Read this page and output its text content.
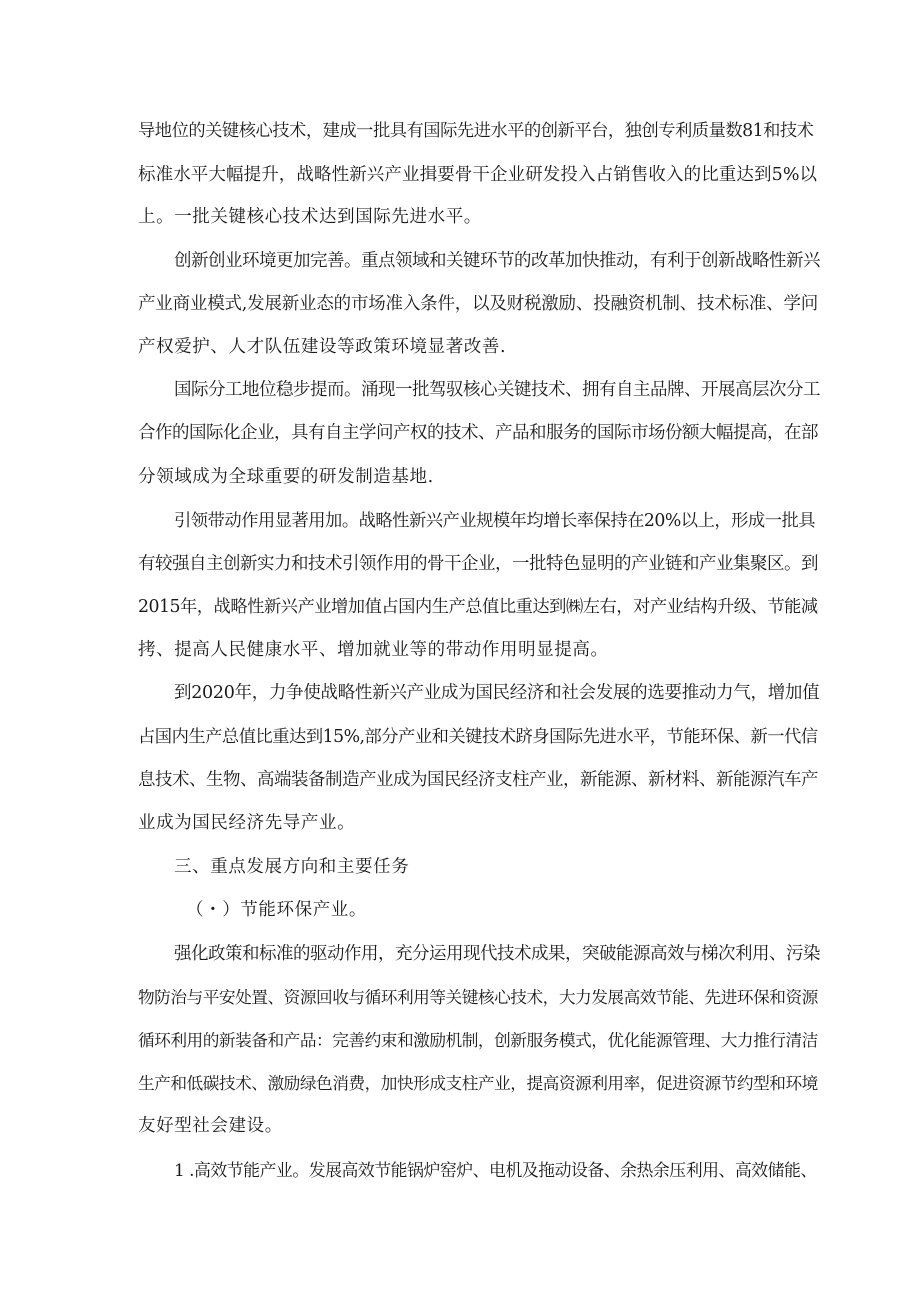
导地位的关键核心技术，建成一批具有国际先进水平的创新平台，独创专利质量数81和技术
标准水平大幅提升，战略性新兴产业揖要骨干企业研发投入占销售收入的比重达到5%以
上。一批关键核心技术达到国际先进水平。
创新创业环境更加完善。重点领域和关键环节的改革加快推动，有利于创新战略性新兴
产业商业模式,发展新业态的市场准入条件，以及财税激励、投融资机制、技术标准、学问
产权爱护、人才队伍建设等政策环境显著改善.
国际分工地位稳步提而。涌现一批驾驭核心关键技术、拥有自主品牌、开展高层次分工
合作的国际化企业，具有自主学问产权的技术、产品和服务的国际市场份额大幅提高，在部
分领域成为全球重要的研发制造基地.
引领带动作用显著用加。战略性新兴产业规模年均增长率保持在20%以上，形成一批具
有较强自主创新实力和技术引领作用的骨干企业，一批特色显明的产业链和产业集聚区。到
2015年，战略性新兴产业增加值占国内生产总值比重达到㈱左右，对产业结构升级、节能减
拷、提高人民健康水平、增加就业等的带动作用明显提高。
到2020年，力争使战略性新兴产业成为国民经济和社会发展的选要推动力气，增加值
占国内生产总值比重达到15%,部分产业和关键技术跻身国际先进水平，节能环保、新一代信
息技术、生物、高端装备制造产业成为国民经济支柱产业，新能源、新材料、新能源汽车产
业成为国民经济先导产业。
三、重点发展方向和主要任务
（・）节能环保产业。
强化政策和标准的驱动作用，充分运用现代技术成果，突破能源高效与梯次利用、污染
物防治与平安处置、资源回收与循环利用等关键核心技术，大力发展高效节能、先进环保和资源
循环利用的新装备和产品：完善约束和激励机制，创新服务模式，优化能源管理、大力推行清洁
生产和低碳技术、激励绿色消费，加快形成支柱产业，提高资源利用率，促进资源节约型和环境
友好型社会建设。
1 .高效节能产业。发展高效节能锅炉窑炉、电机及拖动设备、余热余压利用、高效储能、
